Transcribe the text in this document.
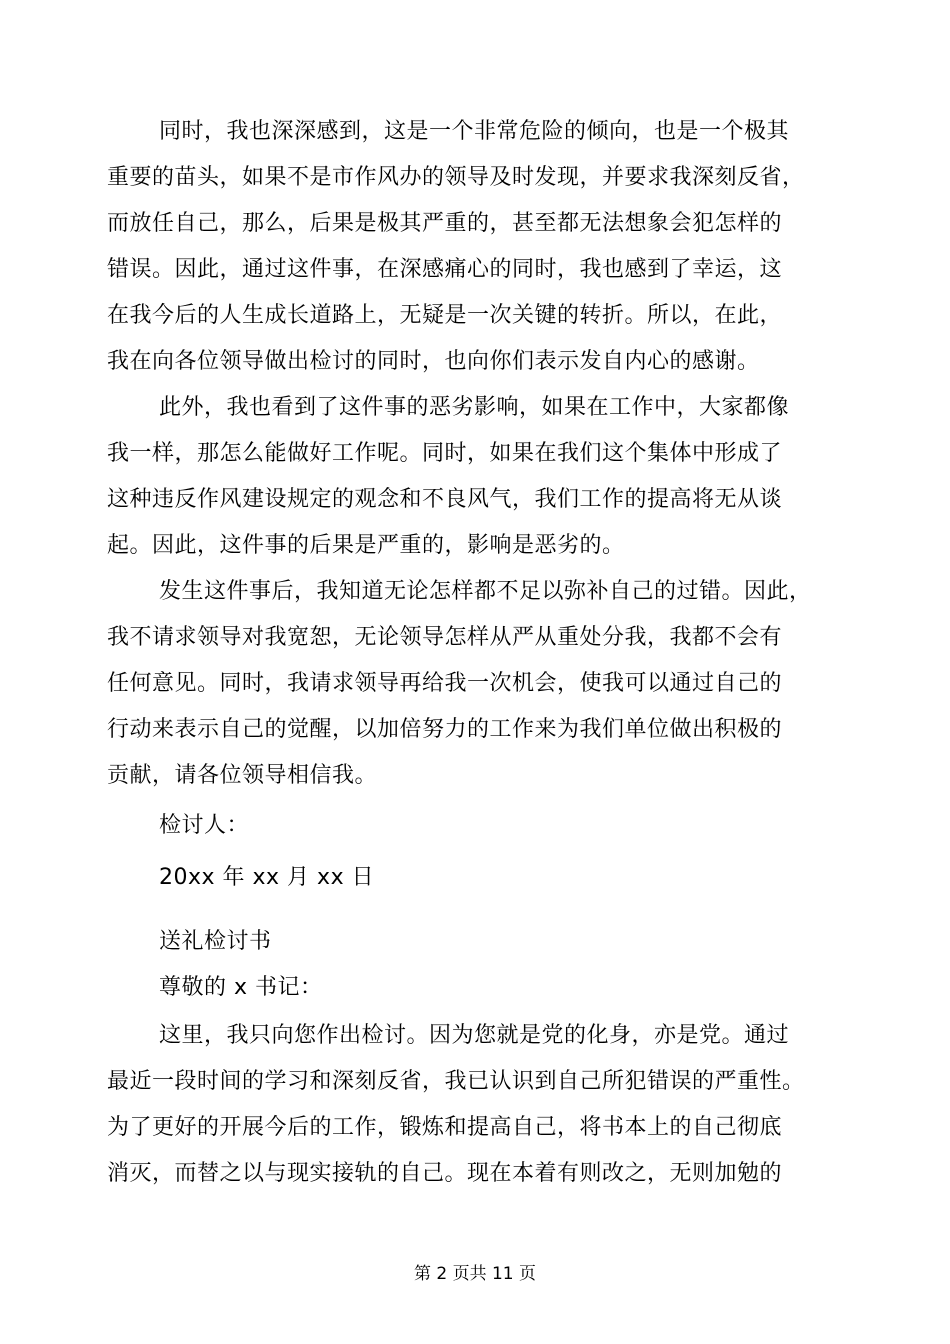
同时，我也深深感到，这是一个非常危险的倾向，也是一个极其
重要的苗头，如果不是市作风办的领导及时发现，并要求我深刻反省，
而放任自己，那么，后果是极其严重的，甚至都无法想象会犯怎样的
错误。因此，通过这件事，在深感痛心的同时，我也感到了幸运，这
在我今后的人生成长道路上，无疑是一次关键的转折。所以，在此，
我在向各位领导做出检讨的同时，也向你们表示发自内心的感谢。
此外，我也看到了这件事的恶劣影响，如果在工作中，大家都像
我一样，那怎么能做好工作呢。同时，如果在我们这个集体中形成了
这种违反作风建设规定的观念和不良风气，我们工作的提高将无从谈
起。因此，这件事的后果是严重的，影响是恶劣的。
发生这件事后，我知道无论怎样都不足以弥补自己的过错。因此，
我不请求领导对我宽恕，无论领导怎样从严从重处分我，我都不会有
任何意见。同时，我请求领导再给我一次机会，使我可以通过自己的
行动来表示自己的觉醒，以加倍努力的工作来为我们单位做出积极的
贡献，请各位领导相信我。
检讨人：
20xx 年 xx 月 xx 日
送礼检讨书
尊敬的 x 书记：
这里，我只向您作出检讨。因为您就是党的化身，亦是党。通过
最近一段时间的学习和深刻反省，我已认识到自己所犯错误的严重性。
为了更好的开展今后的工作，锻炼和提高自己，将书本上的自己彻底
消灭，而替之以与现实接轨的自己。现在本着有则改之，无则加勉的
第 2 页共 11 页
